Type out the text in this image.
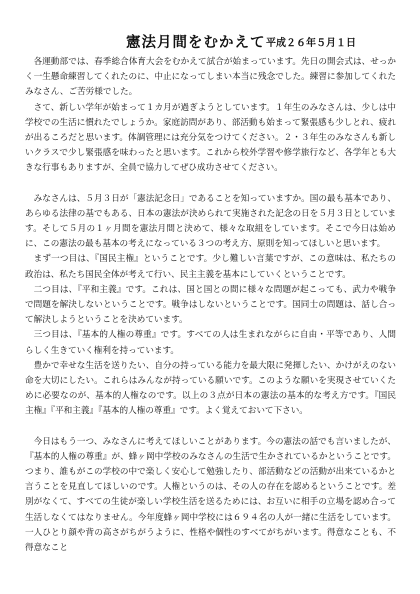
憲法月間をむかえて 平成２６年５月１日

各運動部では、春季総合体育大会をむかえて試合が始まっています。先日の開会式は、せっかく一生懸命練習してくれたのに、中止になってしまい本当に残念でした。練習に参加してくれたみなさん、ご苦労様でした。

さて、新しい学年が始まって１カ月が過ぎようとしています。１年生のみなさんは、少しは中学校での生活に慣れたでしょうか。家庭訪問があり、部活動も始まって緊張感も少しとれ、疲れが出るころだと思います。体調管理には充分気をつけてください。２・３年生のみなさんも新しいクラスで少し緊張感を味わったと思います。これから校外学習や修学旅行など、各学年とも大きな行事もありますが、全員で協力してぜひ成功させてください。

みなさんは、５月３日が「憲法記念日」であることを知っていますか。国の最も基本であり、あらゆる法律の基でもある、日本の憲法が決められて実施された記念の日を５月３日としています。そして５月の１ヶ月間を憲法月間と決めて、様々な取組をしています。そこで今日は始めに、この憲法の最も基本の考えになっている３つの考え方、原則を知ってほしいと思います。

まず一つ目は、『国民主権』ということです。少し難しい言葉ですが、この意味は、私たちの政治は、私たち国民全体が考えて行い、民主主義を基本にしていくということです。

二つ目は、『平和主義』です。これは、国と国との間に様々な問題が起こっても、武力や戦争で問題を解決しないということです。戦争はしないということです。国同士の問題は、話し合って解決しようということを決めています。

三つ目は、『基本的人権の尊重』です。すべての人は生まれながらに自由・平等であり、人間らしく生きていく権利を持っています。

豊かで幸せな生活を送りたい、自分の持っている能力を最大限に発揮したい、かけがえのない命を大切にしたい。これらはみんなが持っている願いです。このような願いを実現させていくために必要なのが、基本的人権なのです。以上の３点が日本の憲法の基本的な考え方です。『国民主権』『平和主義』『基本的人権の尊重』です。よく覚えておいて下さい。

今日はもう一つ、みなさんに考えてほしいことがあります。今の憲法の話でも言いましたが、『基本的人権の尊重』が、蜂ヶ岡中学校のみなさんの生活で生かされているかということです。つまり、誰もがこの学校の中で楽しく安心して勉強したり、部活動などの活動が出来ているかと言うことを見直してほしいのです。人権というのは、その人の存在を認めるということです。差別がなくて、すべての生徒が楽しい学校生活を送るためには、お互いに相手の立場を認め合って生活しなくてはなりません。今年度蜂ヶ岡中学校には６９４名の人が一緒に生活をしています。一人ひとり顔や背の高さがちがうように、性格や個性のすべてがちがいます。得意なことも、不得意なこと
